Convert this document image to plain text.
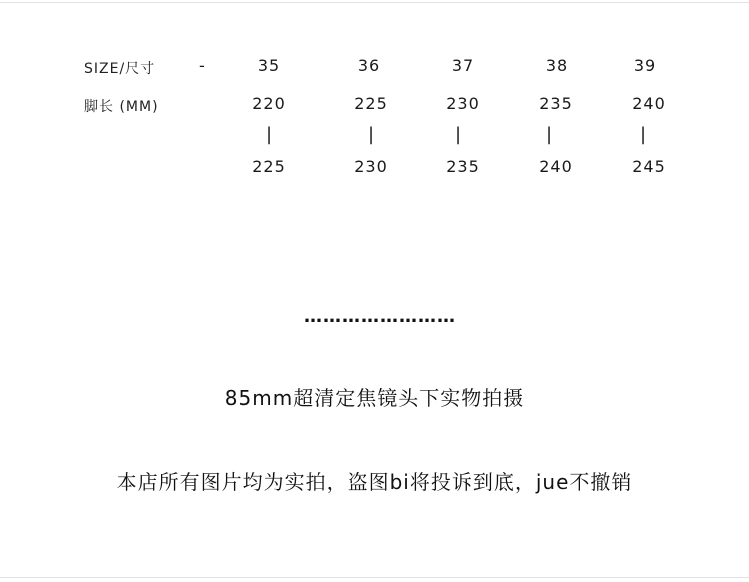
SIZE/尺寸	-
脚长 (MM)
35
220
|
225
36
225
|
230
37
230
|
235
38
235
|
240
39
240
|
245
……………………
85mm超清定焦镜头下实物拍摄
本店所有图片均为实拍，盗图bi将投诉到底，jue不撤销
